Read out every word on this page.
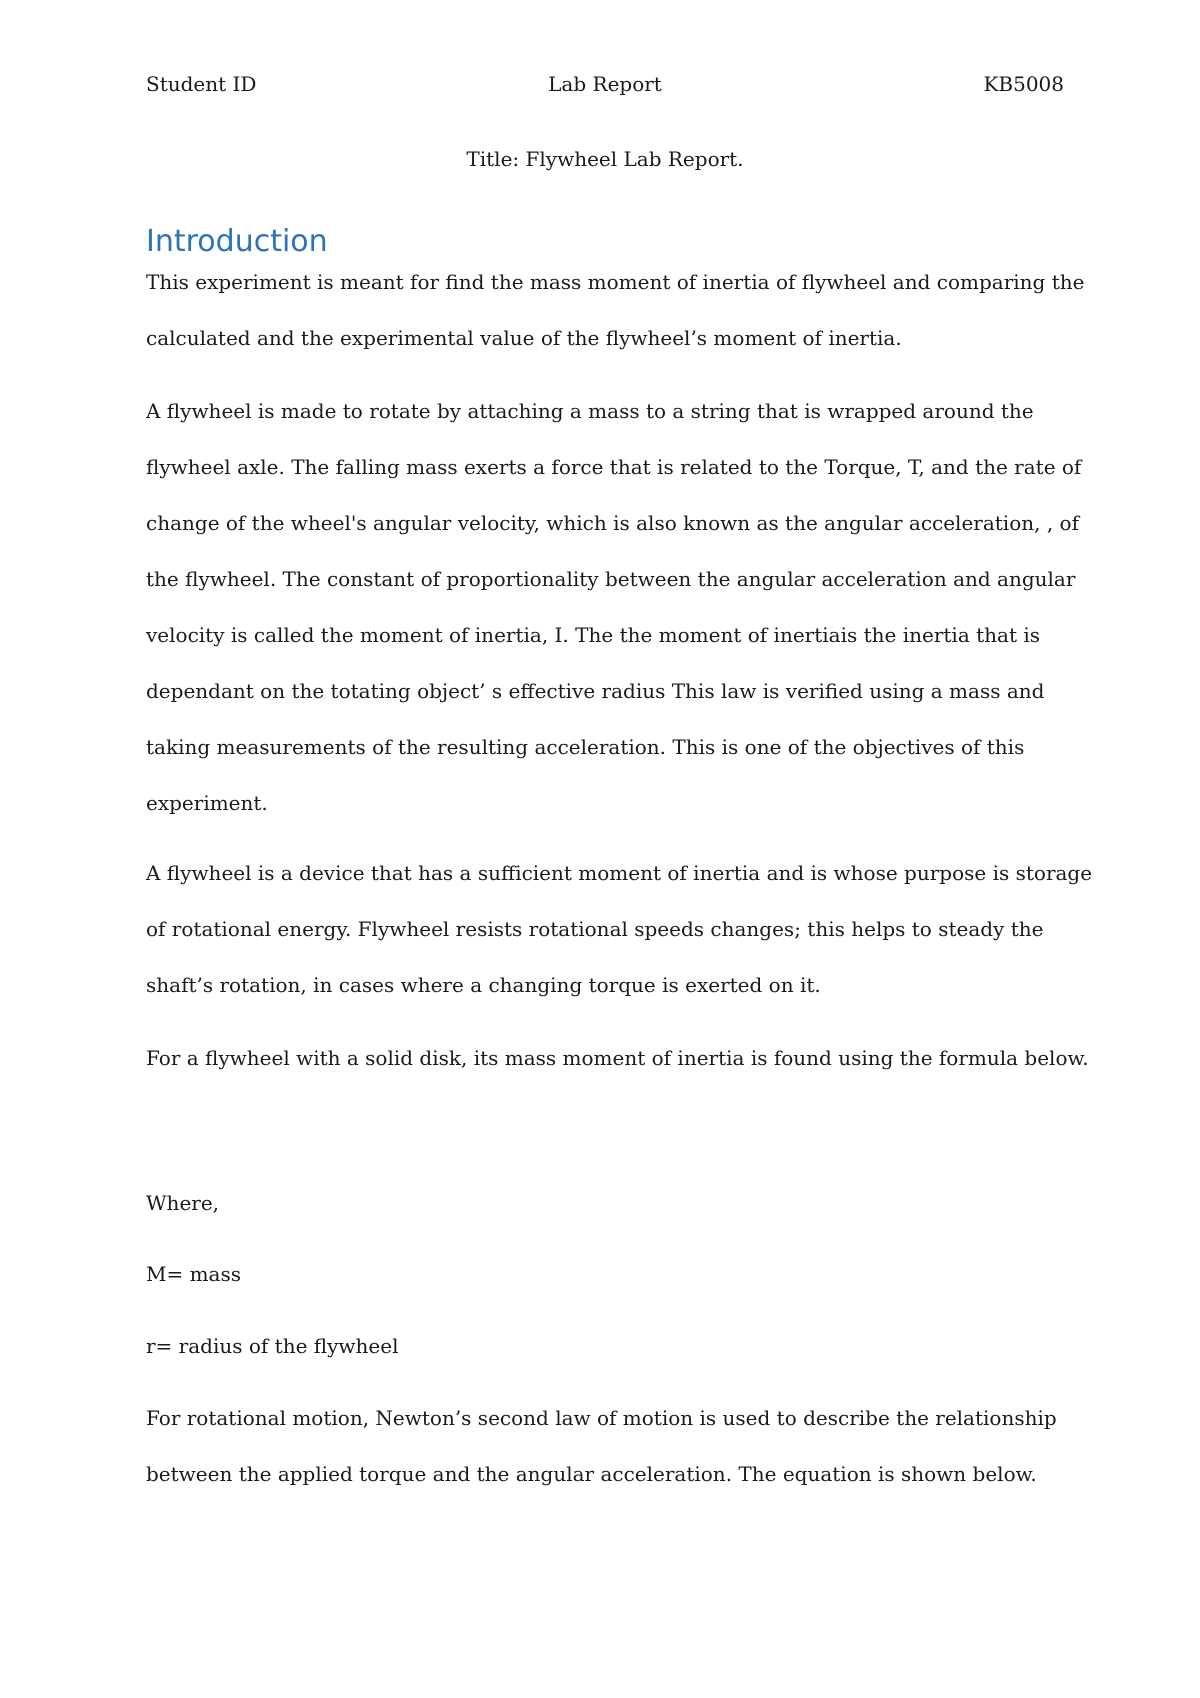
Lab Report
Student ID	KB5008
Title: Flywheel Lab Report.
Introduction

This experiment is meant for find the mass moment of inertia of flywheel and comparing the
calculated and the experimental value of the flywheel’s moment of inertia.

A flywheel is made to rotate by attaching a mass to a string that is wrapped around the
flywheel axle. The falling mass exerts a force that is related to the Torque, T, and the rate of
change of the wheel's angular velocity, which is also known as the angular acceleration, , of
the flywheel. The constant of proportionality between the angular acceleration and angular
velocity is called the moment of inertia, I. The the moment of inertiais the inertia that is
dependant on the totating object’ s effective radius This law is verified using a mass and
taking measurements of the resulting acceleration. This is one of the objectives of this
experiment.

A flywheel is a device that has a sufficient moment of inertia and is whose purpose is storage
of rotational energy. Flywheel resists rotational speeds changes; this helps to steady the
shaft’s rotation, in cases where a changing torque is exerted on it.

For a flywheel with a solid disk, its mass moment of inertia is found using the formula below.

Where,

M= mass

r= radius of the flywheel

For rotational motion, Newton’s second law of motion is used to describe the relationship
between the applied torque and the angular acceleration. The equation is shown below.
